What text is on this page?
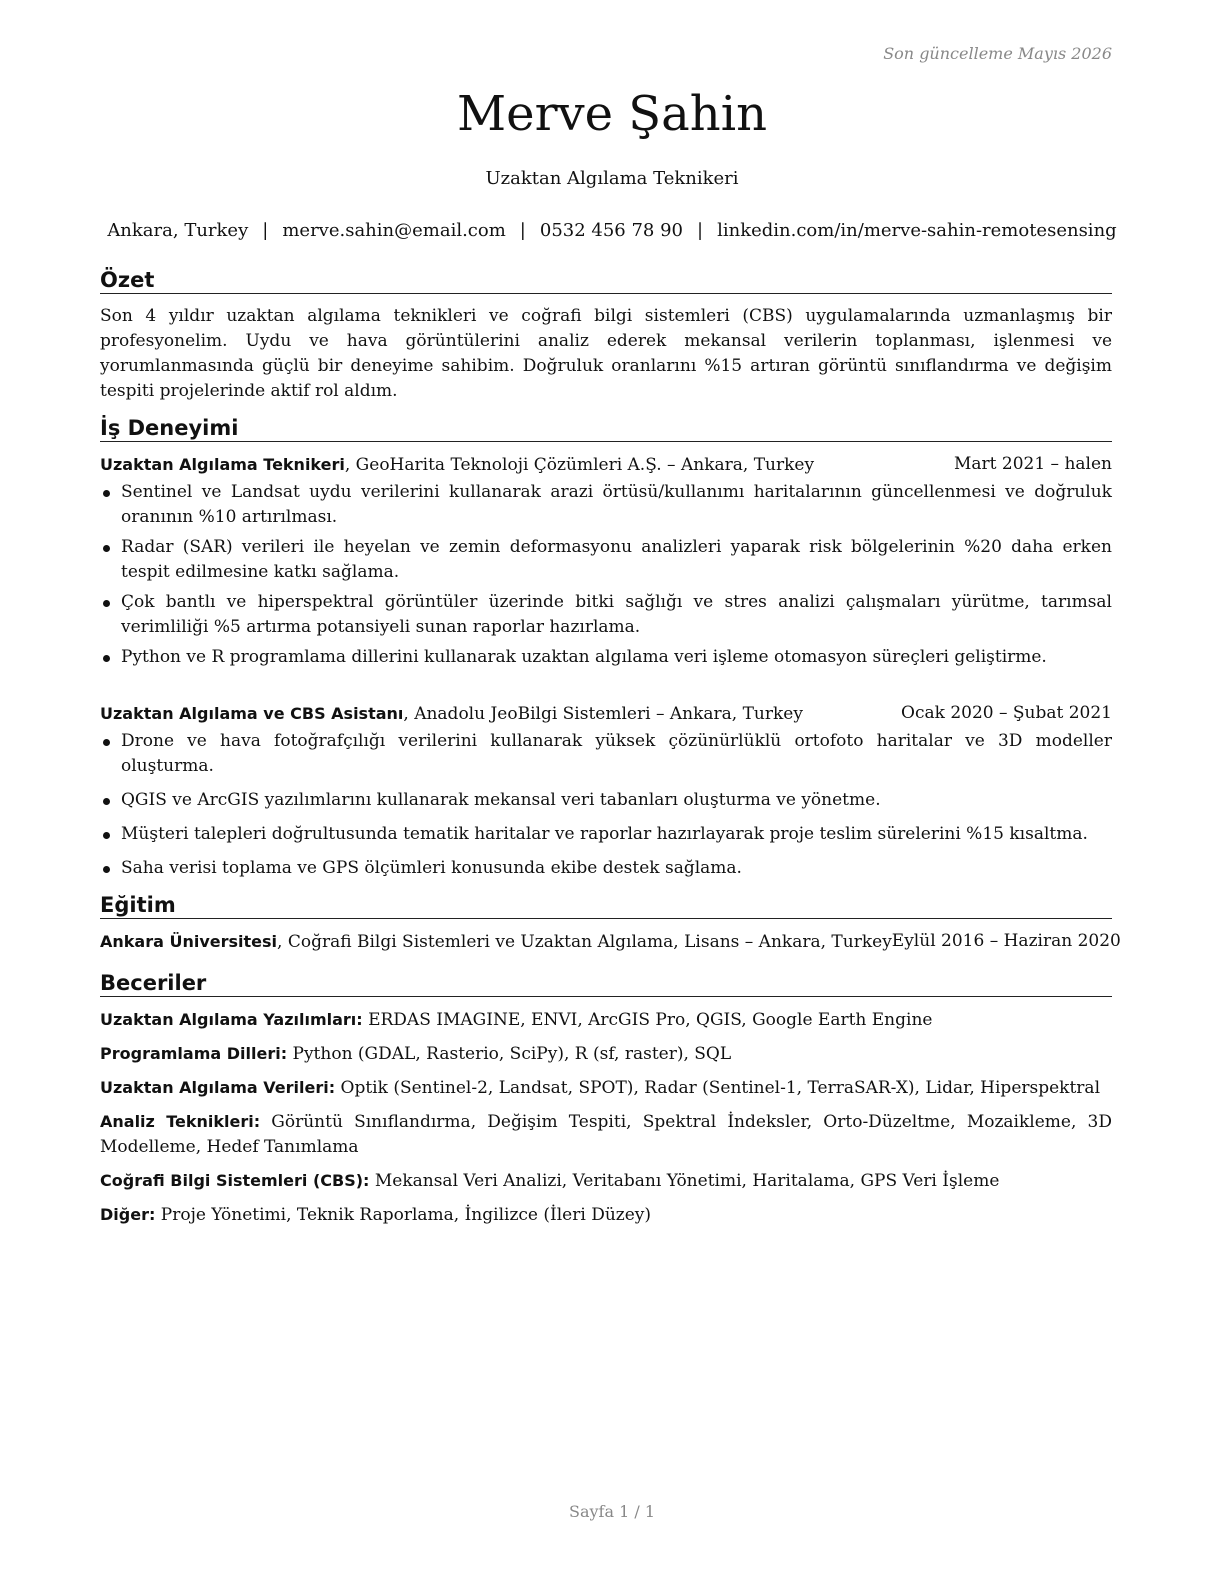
Son güncelleme Mayıs 2026
Merve Şahin
Uzaktan Algılama Teknikeri
Ankara, Turkey | merve.sahin@email.com | 0532 456 78 90 | linkedin.com/in/merve-sahin-remotesensing
Özet

Son 4 yıldır uzaktan algılama teknikleri ve coğrafi bilgi sistemleri (CBS) uygulamalarında uzmanlaşmış bir profesyonelim. Uydu ve hava görüntülerini analiz ederek mekansal verilerin toplanması, işlenmesi ve yorumlanmasında güçlü bir deneyime sahibim. Doğruluk oranlarını %15 artıran görüntü sınıflandırma ve değişim tespiti projelerinde aktif rol aldım.

İş Deneyimi
Uzaktan Algılama Teknikeri, GeoHarita Teknoloji Çözümleri A.Ş. – Ankara, Turkey	Mart 2021 – halen
Sentinel ve Landsat uydu verilerini kullanarak arazi örtüsü/kullanımı haritalarının güncellenmesi ve doğruluk oranının %10 artırılması.
Radar (SAR) verileri ile heyelan ve zemin deformasyonu analizleri yaparak risk bölgelerinin %20 daha erken tespit edilmesine katkı sağlama.
Çok bantlı ve hiperspektral görüntüler üzerinde bitki sağlığı ve stres analizi çalışmaları yürütme, tarımsal verimliliği %5 artırma potansiyeli sunan raporlar hazırlama.
Python ve R programlama dillerini kullanarak uzaktan algılama veri işleme otomasyon süreçleri geliştirme.
Uzaktan Algılama ve CBS Asistanı, Anadolu JeoBilgi Sistemleri – Ankara, Turkey	Ocak 2020 – Şubat 2021
Drone ve hava fotoğrafçılığı verilerini kullanarak yüksek çözünürlüklü ortofoto haritalar ve 3D modeller oluşturma.
QGIS ve ArcGIS yazılımlarını kullanarak mekansal veri tabanları oluşturma ve yönetme.
Müşteri talepleri doğrultusunda tematik haritalar ve raporlar hazırlayarak proje teslim sürelerini %15 kısaltma.
Saha verisi toplama ve GPS ölçümleri konusunda ekibe destek sağlama.
Eğitim
Ankara Üniversitesi, Coğrafi Bilgi Sistemleri ve Uzaktan Algılama, Lisans – Ankara, Turkey Eylül 2016 – Haziran 2020
Beceriler
Uzaktan Algılama Yazılımları: ERDAS IMAGINE, ENVI, ArcGIS Pro, QGIS, Google Earth Engine
Programlama Dilleri: Python (GDAL, Rasterio, SciPy), R (sf, raster), SQL
Uzaktan Algılama Verileri: Optik (Sentinel-2, Landsat, SPOT), Radar (Sentinel-1, TerraSAR-X), Lidar, Hiperspektral
Analiz Teknikleri: Görüntü Sınıflandırma, Değişim Tespiti, Spektral İndeksler, Orto-Düzeltme, Mozaikleme, 3D Modelleme, Hedef Tanımlama
Coğrafi Bilgi Sistemleri (CBS): Mekansal Veri Analizi, Veritabanı Yönetimi, Haritalama, GPS Veri İşleme
Diğer: Proje Yönetimi, Teknik Raporlama, İngilizce (İleri Düzey)
Sayfa 1 / 1
